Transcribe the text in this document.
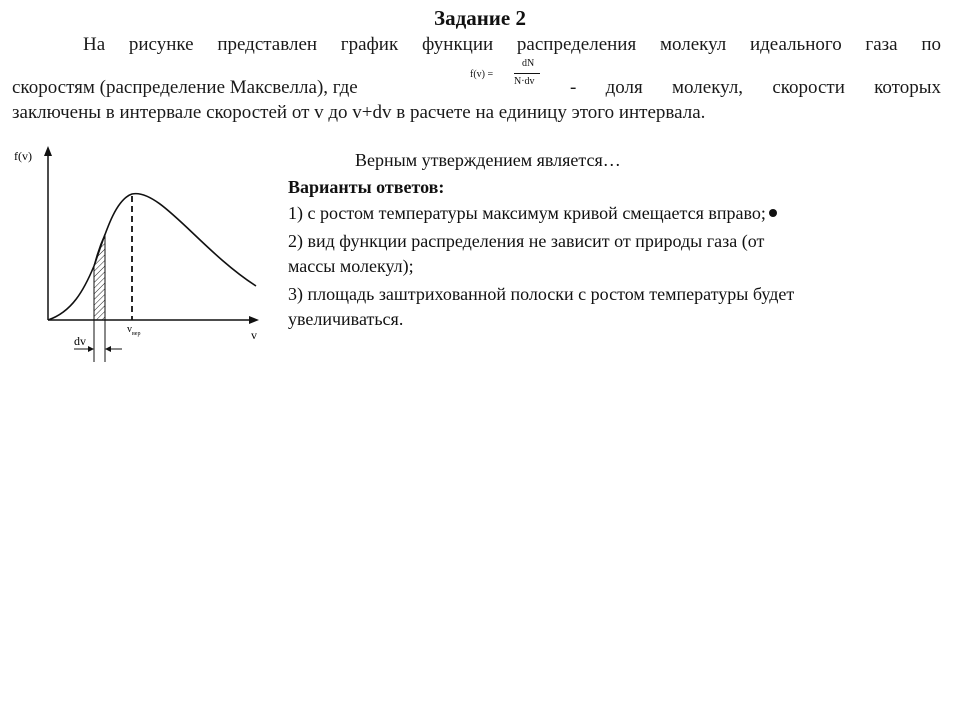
Задание 2
На рисунке представлен график функции распределения молекул идеального газа по
скоростям (распределение Максвелла), где
f(v) =
dN
N·dv - доля молекул, скорости которых
заключены в интервале скоростей от v до v+dv в расчете на единицу этого интервала.
f(v)
v
$v_{вер}$
dv
Верным утверждением является…
Варианты ответов:
1) с ростом температуры максимум кривой смещается вправо;
2) вид функции распределения не зависит от природы газа (от
массы молекул);
3) площадь заштрихованной полоски с ростом температуры будет
увеличиваться.
